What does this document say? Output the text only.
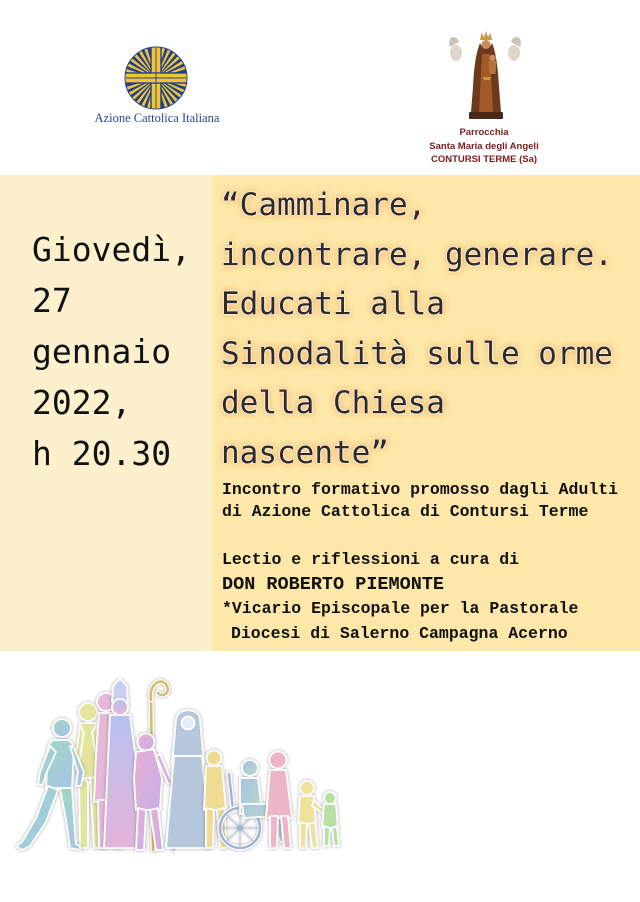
Azione Cattolica Italiana
Parrocchia
Santa Maria degli Angeli
CONTURSI TERME (Sa)
Giovedì,
27
gennaio
2022,
h 20.30
“Camminare,
incontrare, generare.
Educati alla
Sinodalità sulle orme
della Chiesa
nascente”
Incontro formativo promosso dagli Adulti
di Azione Cattolica di Contursi Terme
Lectio e riflessioni a cura di
DON ROBERTO PIEMONTE
*Vicario Episcopale per la Pastorale
Diocesi di Salerno Campagna Acerno
